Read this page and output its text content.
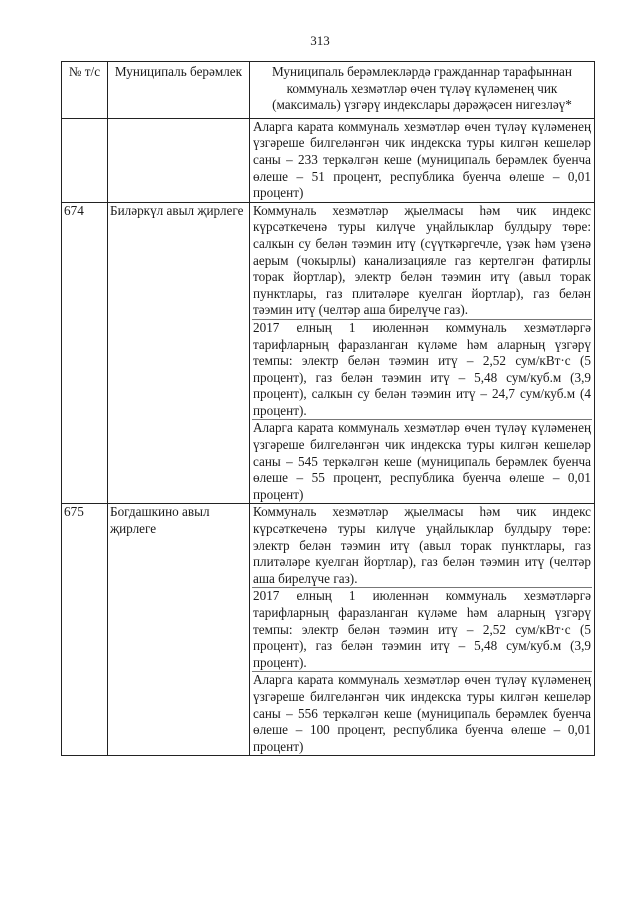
313
№ т/с	Муниципаль берәмлек	Муниципаль берәмлекләрдә гражданнар тарафыннан коммуналь хезмәтләр өчен түләү күләменең чик (максималь) үзгәрү индекслары дәрәҗәсен нигезләү*

		Аларга карата коммуналь хезмәтләр өчен түләү күләменең үзгәреше билгеләнгән чик индекска туры килгән кешеләр саны – 233 теркәлгән кеше (муниципаль берәмлек буенча өлеше – 51 процент, республика буенча өлеше – 0,01 процент)

674	Биләркүл авыл җирлеге	Коммуналь хезмәтләр җыелмасы һәм чик индекс күрсәткеченә туры килүче уңайлыклар булдыру төре: салкын су белән тәэмин итү (сүүткәргечле, үзәк һәм үзенә аерым (чокырлы) канализацияле газ кертелгән фатирлы торак йортлар), электр белән тәэмин итү (авыл торак пунктлары, газ плитәләре куелган йортлар), газ белән тәэмин итү (челтәр аша бирелүче газ).
2017 елның 1 июленнән коммуналь хезмәтләргә тарифларның фаразланган күләме һәм аларның үзгәрү темпы: электр белән тәэмин итү – 2,52 сум/кВт·с (5 процент), газ белән тәэмин итү – 5,48 сум/куб.м (3,9 процент), салкын су белән тәэмин итү – 24,7 сум/куб.м (4 процент).
Аларга карата коммуналь хезмәтләр өчен түләү күләменең үзгәреше билгеләнгән чик индекска туры килгән кешеләр саны – 545 теркәлгән кеше (муниципаль берәмлек буенча өлеше – 55 процент, республика буенча өлеше – 0,01 процент)

675	Богдашкино авыл җирлеге	Коммуналь хезмәтләр җыелмасы һәм чик индекс күрсәткеченә туры килүче уңайлыклар булдыру төре: электр белән тәэмин итү (авыл торак пунктлары, газ плитәләре куелган йортлар), газ белән тәэмин итү (челтәр аша бирелүче газ).
2017 елның 1 июленнән коммуналь хезмәтләргә тарифларның фаразланган күләме һәм аларның үзгәрү темпы: электр белән тәэмин итү – 2,52 сум/кВт·с (5 процент), газ белән тәэмин итү – 5,48 сум/куб.м (3,9 процент).
Аларга карата коммуналь хезмәтләр өчен түләү күләменең үзгәреше билгеләнгән чик индекска туры килгән кешеләр саны – 556 теркәлгән кеше (муниципаль берәмлек буенча өлеше – 100 процент, республика буенча өлеше – 0,01 процент)
